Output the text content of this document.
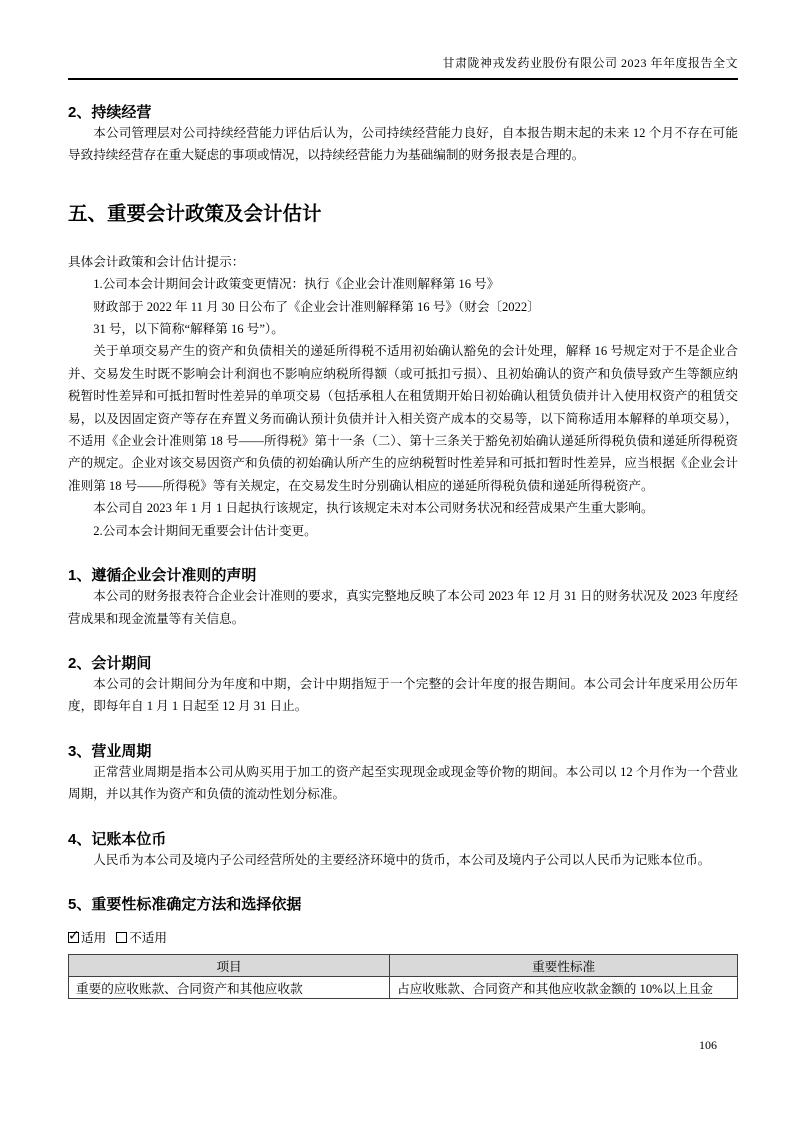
甘肃陇神戎发药业股份有限公司 2023 年年度报告全文
2、持续经营

本公司管理层对公司持续经营能力评估后认为，公司持续经营能力良好，自本报告期末起的未来 12 个月不存在可能导致持续经营存在重大疑虑的事项或情况，以持续经营能力为基础编制的财务报表是合理的。

五、重要会计政策及会计估计

具体会计政策和会计估计提示：

1.公司本会计期间会计政策变更情况：执行《企业会计准则解释第 16 号》

财政部于 2022 年 11 月 30 日公布了《企业会计准则解释第 16 号》（财会〔2022〕

31 号，以下简称“解释第 16 号”）。

关于单项交易产生的资产和负债相关的递延所得税不适用初始确认豁免的会计处理，解释 16 号规定对于不是企业合并、交易发生时既不影响会计利润也不影响应纳税所得额（或可抵扣亏损）、且初始确认的资产和负债导致产生等额应纳税暂时性差异和可抵扣暂时性差异的单项交易（包括承租人在租赁期开始日初始确认租赁负债并计入使用权资产的租赁交易，以及因固定资产等存在弃置义务而确认预计负债并计入相关资产成本的交易等，以下简称适用本解释的单项交易），不适用《企业会计准则第 18 号——所得税》第十一条（二）、第十三条关于豁免初始确认递延所得税负债和递延所得税资产的规定。企业对该交易因资产和负债的初始确认所产生的应纳税暂时性差异和可抵扣暂时性差异，应当根据《企业会计准则第 18 号——所得税》等有关规定，在交易发生时分别确认相应的递延所得税负债和递延所得税资产。

本公司自 2023 年 1 月 1 日起执行该规定，执行该规定未对本公司财务状况和经营成果产生重大影响。

2.公司本会计期间无重要会计估计变更。

1、遵循企业会计准则的声明

本公司的财务报表符合企业会计准则的要求，真实完整地反映了本公司 2023 年 12 月 31 日的财务状况及 2023 年度经营成果和现金流量等有关信息。

2、会计期间

本公司的会计期间分为年度和中期，会计中期指短于一个完整的会计年度的报告期间。本公司会计年度采用公历年度，即每年自 1 月 1 日起至 12 月 31 日止。

3、营业周期

正常营业周期是指本公司从购买用于加工的资产起至实现现金或现金等价物的期间。本公司以 12 个月作为一个营业周期，并以其作为资产和负债的流动性划分标准。

4、记账本位币

人民币为本公司及境内子公司经营所处的主要经济环境中的货币，本公司及境内子公司以人民币为记账本位币。

5、重要性标准确定方法和选择依据
✓适用 不适用
项目	重要性标准
重要的应收账款、合同资产和其他应收款	占应收账款、合同资产和其他应收款金额的 10%以上且金
106
